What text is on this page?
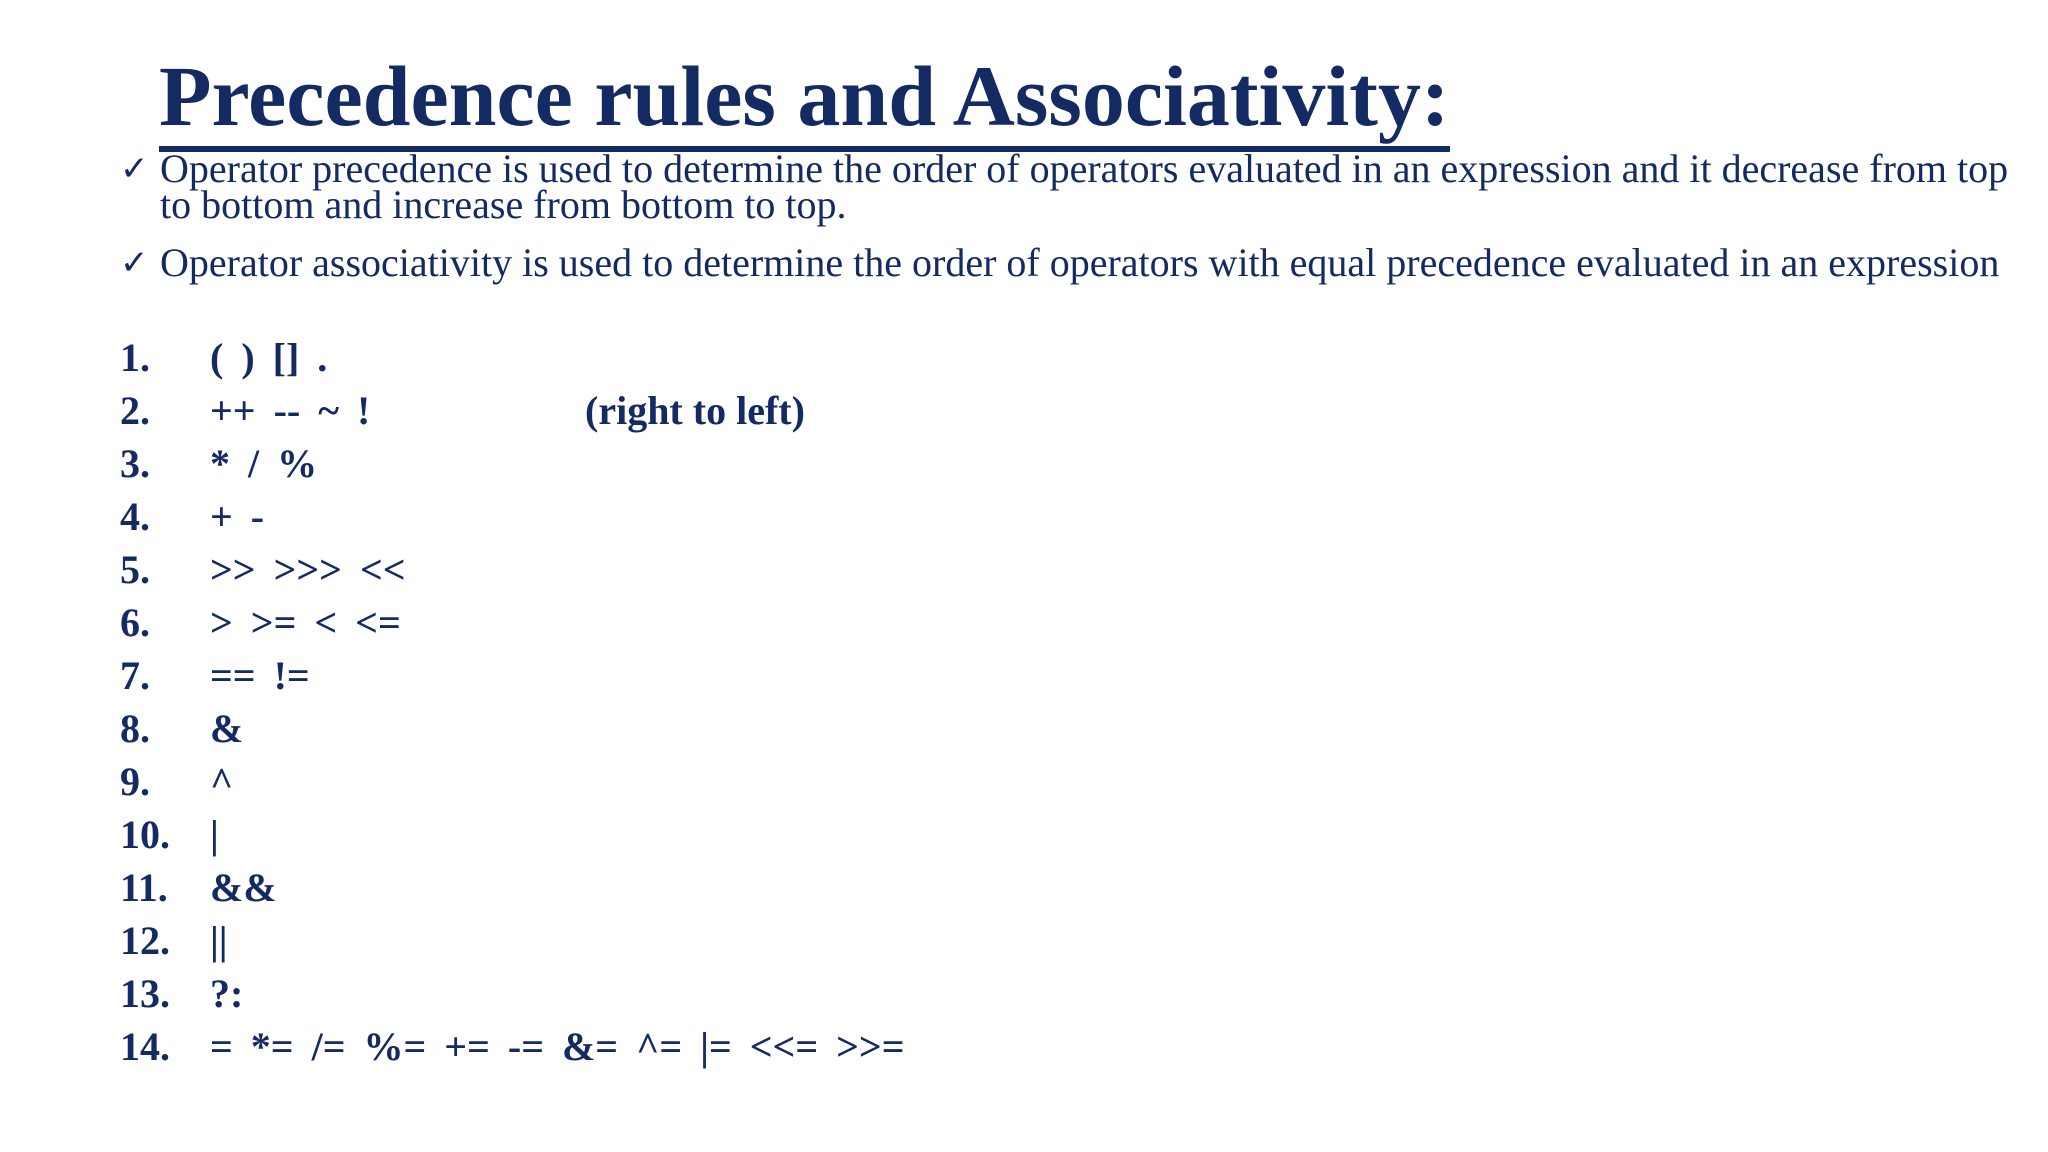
Precedence rules and Associativity:
✓ Operator precedence is used to determine the order of operators evaluated in an expression and it decrease from top to bottom and increase from bottom to top.
✓ Operator associativity is used to determine the order of operators with equal precedence evaluated in an expression
1. ( ) [] .
2. ++ -- ~ !	(right to left)
3. * / %
4. + -
5. >> >>> <<
6. > >= < <=
7. == !=
8. &
9. ^
10. |
11. &&
12. ||
13. ?:
14. = *= /= %= += -= &= ^= |= <<= >>=
